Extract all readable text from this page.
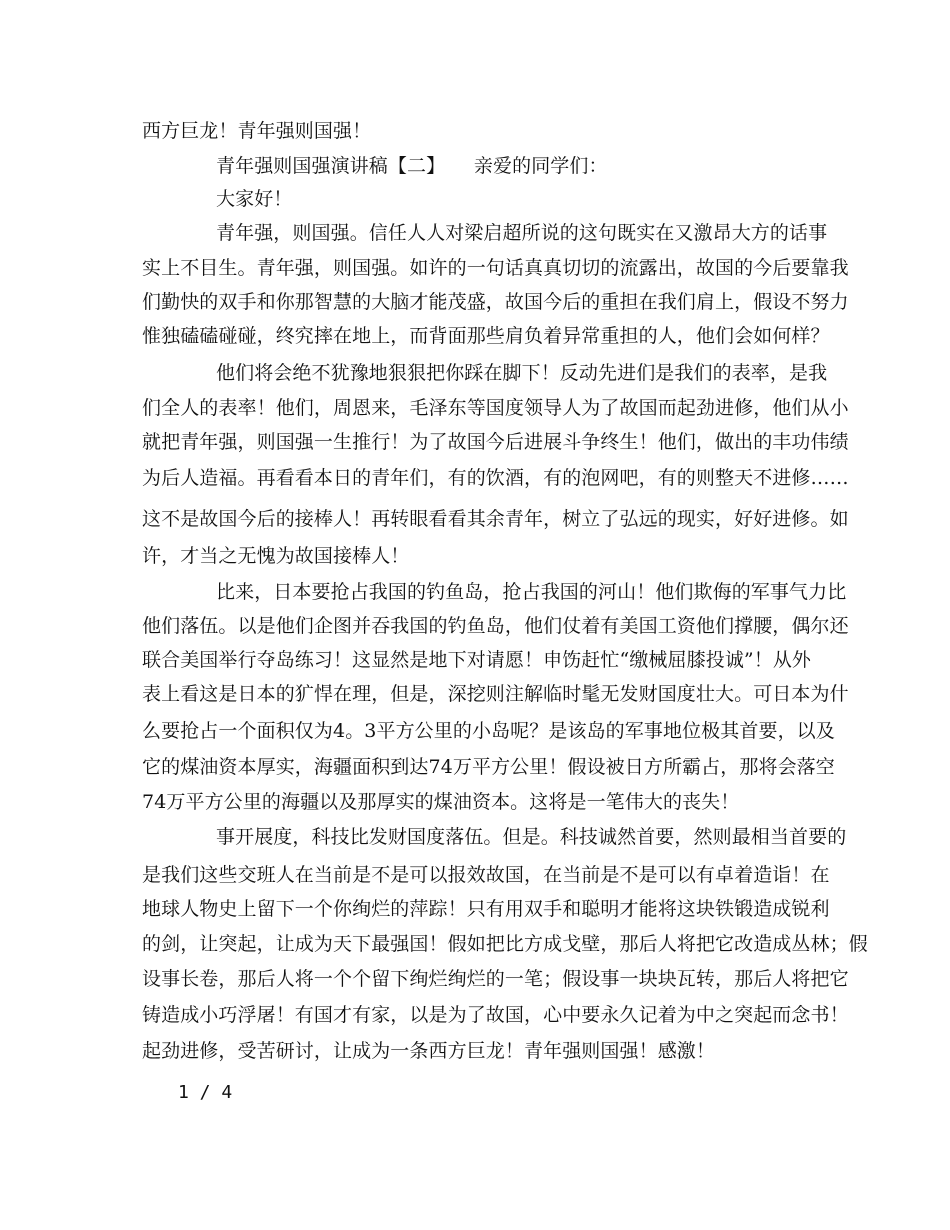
西方巨龙！青年强则国强！
青年强则国强演讲稿【二】　　亲爱的同学们：
大家好！
青年强，则国强。信任人人对梁启超所说的这句既实在又激昂大方的话事
实上不目生。青年强，则国强。如许的一句话真真切切的流露出，故国的今后要靠我
们勤快的双手和你那智慧的大脑才能茂盛，故国今后的重担在我们肩上，假设不努力
惟独磕磕碰碰，终究摔在地上，而背面那些肩负着异常重担的人，他们会如何样？
他们将会绝不犹豫地狠狠把你踩在脚下！反动先进们是我们的表率，是我
们全人的表率！他们，周恩来，毛泽东等国度领导人为了故国而起劲进修，他们从小
就把青年强，则国强一生推行！为了故国今后进展斗争终生！他们，做出的丰功伟绩
为后人造福。再看看本日的青年们，有的饮酒，有的泡网吧，有的则整天不进修……
这不是故国今后的接棒人！再转眼看看其余青年，树立了弘远的现实，好好进修。如
许，才当之无愧为故国接棒人！
比来，日本要抢占我国的钓鱼岛，抢占我国的河山！他们欺侮的军事气力比
他们落伍。以是他们企图并吞我国的钓鱼岛，他们仗着有美国工资他们撑腰，偶尔还
联合美国举行夺岛练习！这显然是地下对请愿！申饬赶忙“缴械屈膝投诚”！从外
表上看这是日本的犷悍在理，但是，深挖则注解临时髦无发财国度壮大。可日本为什
么要抢占一个面积仅为4。3平方公里的小岛呢？是该岛的军事地位极其首要，以及
它的煤油资本厚实，海疆面积到达74万平方公里！假设被日方所霸占，那将会落空
74万平方公里的海疆以及那厚实的煤油资本。这将是一笔伟大的丧失！
事开展度，科技比发财国度落伍。但是。科技诚然首要，然则最相当首要的
是我们这些交班人在当前是不是可以报效故国，在当前是不是可以有卓着造诣！在
地球人物史上留下一个你绚烂的萍踪！只有用双手和聪明才能将这块铁锻造成锐利
的剑，让突起，让成为天下最强国！假如把比方成戈壁，那后人将把它改造成丛林；假
设事长卷，那后人将一个个留下绚烂绚烂的一笔；假设事一块块瓦转，那后人将把它
铸造成小巧浮屠！有国才有家，以是为了故国，心中要永久记着为中之突起而念书！
起劲进修，受苦研讨，让成为一条西方巨龙！青年强则国强！感激！
1 / 4
